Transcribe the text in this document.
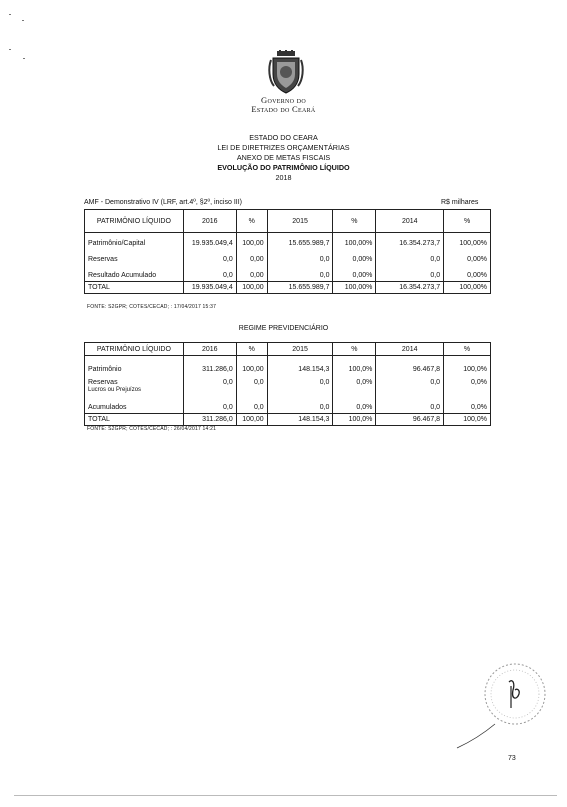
Governo do
Estado do Ceará
ESTADO DO CEARA
LEI DE DIRETRIZES ORÇAMENTÁRIAS
ANEXO DE METAS FISCAIS
EVOLUÇÃO DO PATRIMÔNIO LÍQUIDO
2018
AMF - Demonstrativo IV (LRF, art.4º, §2º, inciso III)	R$ milhares
PATRIMÔNIO LÍQUIDO	2016	%	2015	%	2014	%

Patrimônio/Capital	19.935.049,4	100,00	15.655.989,7	100,00%	16.354.273,7	100,00%
Reservas	0,0	0,00	0,0	0,00%	0,0	0,00%
Resultado Acumulado	0,0	0,00	0,0	0,00%	0,0	0,00%
TOTAL	19.935.049,4	100,00	15.655.989,7	100,00%	16.354.273,7	100,00%
FONTE: S2GPR; COTES/CECAD; : 17/04/2017 15:37
REGIME PREVIDENCIÁRIO
PATRIMÔNIO LÍQUIDO	2016	%	2015	%	2014	%
Patrimônio	311.286,0	100,00	148.154,3	100,0%	96.467,8	100,0%

Reservas
Lucros ou Prejuízos	0,0	0,0	0,0	0,0%	0,0	0,0%
Acumulados	0,0	0,0	0,0	0,0%	0,0	0,0%
TOTAL	311.286,0	100,00	148.154,3	100,0%	96.467,8	100,0%
FONTE: S2GPR; COTES/CECAD; : 26/04/2017 14:21
73
